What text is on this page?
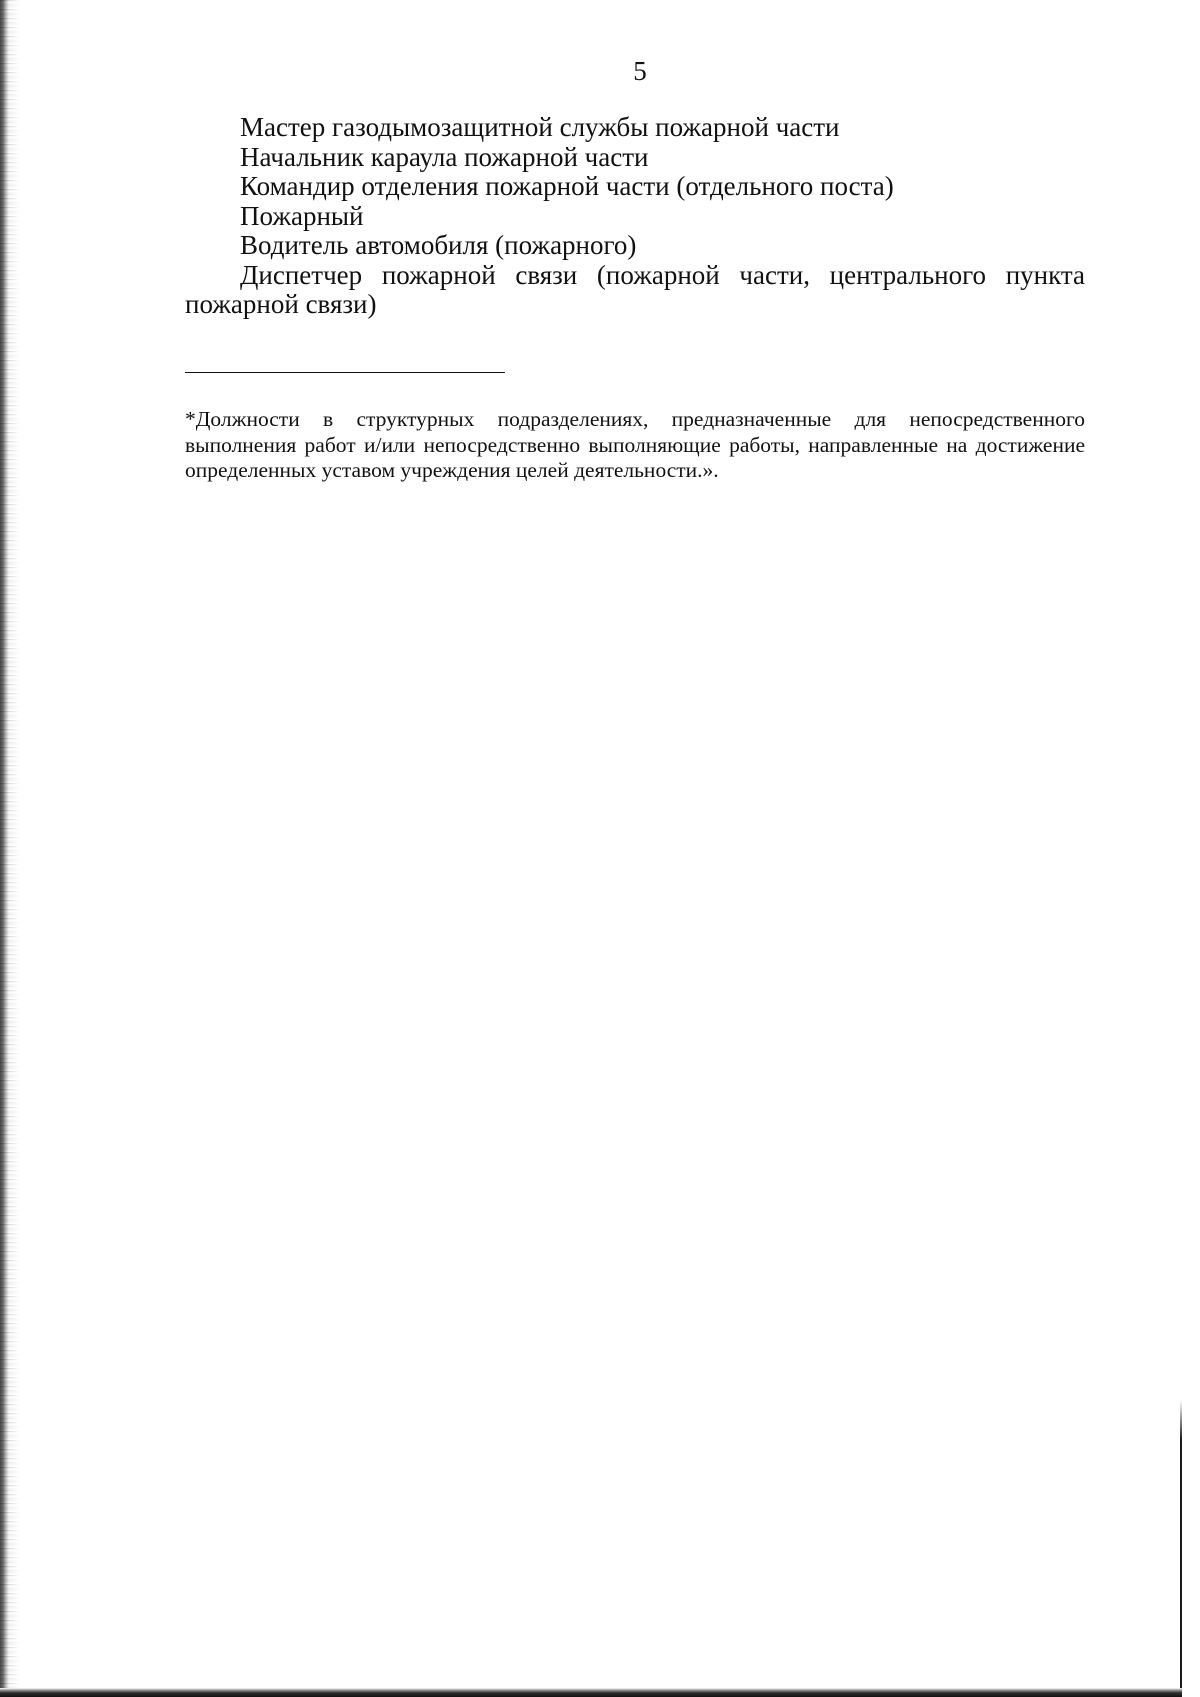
5

Мастер газодымозащитной службы пожарной части

Начальник караула пожарной части

Командир отделения пожарной части (отдельного поста)

Пожарный

Водитель автомобиля (пожарного)

Диспетчер пожарной связи (пожарной части, центрального пункта пожарной связи)

*Должности в структурных подразделениях, предназначенные для непосредственного выполнения работ и/или непосредственно выполняющие работы, направленные на достижение определенных уставом учреждения целей деятельности.».
